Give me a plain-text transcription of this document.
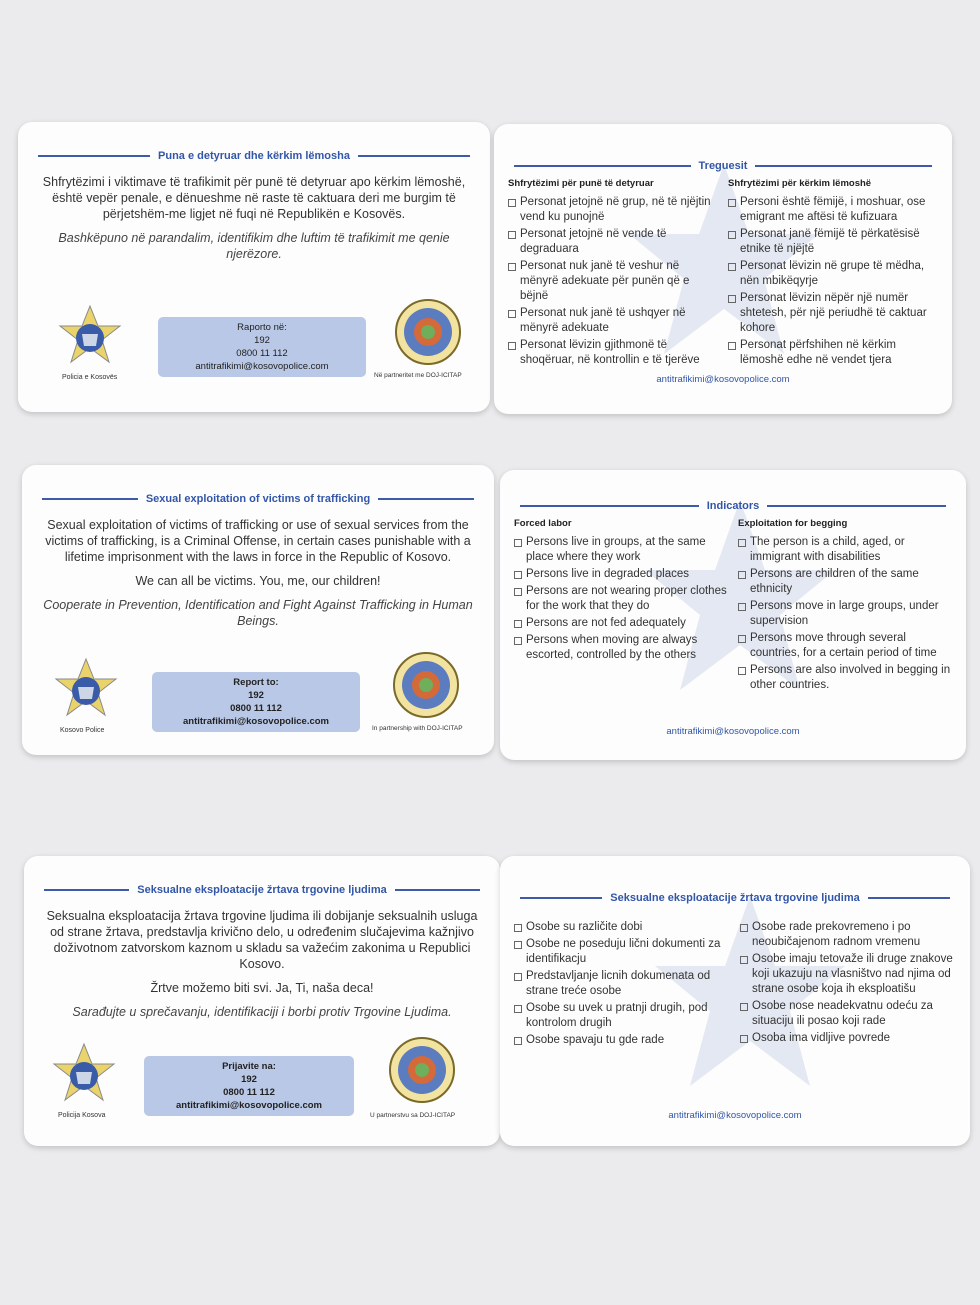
Puna e detyruar dhe kërkim lëmosha

Shfrytëzimi i viktimave të trafikimit për punë të detyruar apo kërkim lëmoshë, është vepër penale, e dënueshme në raste të caktuara deri me burgim të përjetshëm-me ligjet në fuqi në Republikën e Kosovës.

Bashkëpuno në parandalim, identifikim dhe luftim të trafikimit me qenie njerëzore.

Policia e Kosovës
Raporto në:
192
0800 11 112
antitrafikimi@kosovopolice.com
Në partneritet me DOJ-ICITAP
Treguesit
Shfrytëzimi për punë të detyruar
Personat jetojnë në grup, në të njëjtin vend ku punojnë
Personat jetojnë në vende të degraduara
Personat nuk janë të veshur në mënyrë adekuate për punën që e bëjnë
Personat nuk janë të ushqyer në mënyrë adekuate
Personat lëvizin gjithmonë të shoqëruar, në kontrollin e të tjerëve
Shfrytëzimi për kërkim lëmoshë
Personi është fëmijë, i moshuar, ose emigrant me aftësi të kufizuara
Personat janë fëmijë të përkatësisë etnike të njëjtë
Personat lëvizin në grupe të mëdha, nën mbikëqyrje
Personat lëvizin nëpër një numër shtetesh, për një periudhë të caktuar kohore
Personat përfshihen në kërkim lëmoshë edhe në vendet tjera
antitrafikimi@kosovopolice.com
Sexual exploitation of victims of trafficking

Sexual exploitation of victims of trafficking or use of sexual services from the victims of trafficking, is a Criminal Offense, in certain cases punishable with a lifetime imprisonment with the laws in force in the Republic of Kosovo.

We can all be victims. You, me, our children!

Cooperate in Prevention, Identification and Fight Against Trafficking in Human Beings.

Kosovo Police
Report to:
192
0800 11 112
antitrafikimi@kosovopolice.com
In partnership with DOJ-ICITAP
Indicators
Forced labor
Persons live in groups, at the same place where they work
Persons live in degraded places
Persons are not wearing proper clothes for the work that they do
Persons are not fed adequately
Persons when moving are always escorted, controlled by the others
Exploitation for begging
The person is a child, aged, or immigrant with disabilities
Persons are children of the same ethnicity
Persons move in large groups, under supervision
Persons move through several countries, for a certain period of time
Persons are also involved in begging in other countries.
antitrafikimi@kosovopolice.com
Seksualne eksploatacije žrtava trgovine ljudima

Seksualna eksploatacija žrtava trgovine ljudima ili dobijanje seksualnih usluga od strane žrtava, predstavlja krivično delo, u određenim slučajevima kažnjivo doživotnom zatvorskom kaznom u skladu sa važećim zakonima u Republici Kosovo.

Žrtve možemo biti svi. Ja, Ti, naša deca!

Sarađujte u sprečavanju, identifikaciji i borbi protiv Trgovine Ljudima.

Policija Kosova
Prijavite na:
192
0800 11 112
antitrafikimi@kosovopolice.com
U partnerstvu sa DOJ-ICITAP
Seksualne eksploatacije žrtava trgovine ljudima
Osobe su različite dobi
Osobe ne poseduju lični dokumenti za identifikacju
Predstavljanje licnih dokumenata od strane treće osobe
Osobe su uvek u pratnji drugih, pod kontrolom drugih
Osobe spavaju tu gde rade
Osobe rade prekovremeno i po neoubičajenom radnom vremenu
Osobe imaju tetovaže ili druge znakove koji ukazuju na vlasništvo nad njima od strane osobe koja ih eksploatišu
Osobe nose neadekvatnu odeću za situaciju ili posao koji rade
Osoba ima vidljive povrede
antitrafikimi@kosovopolice.com
